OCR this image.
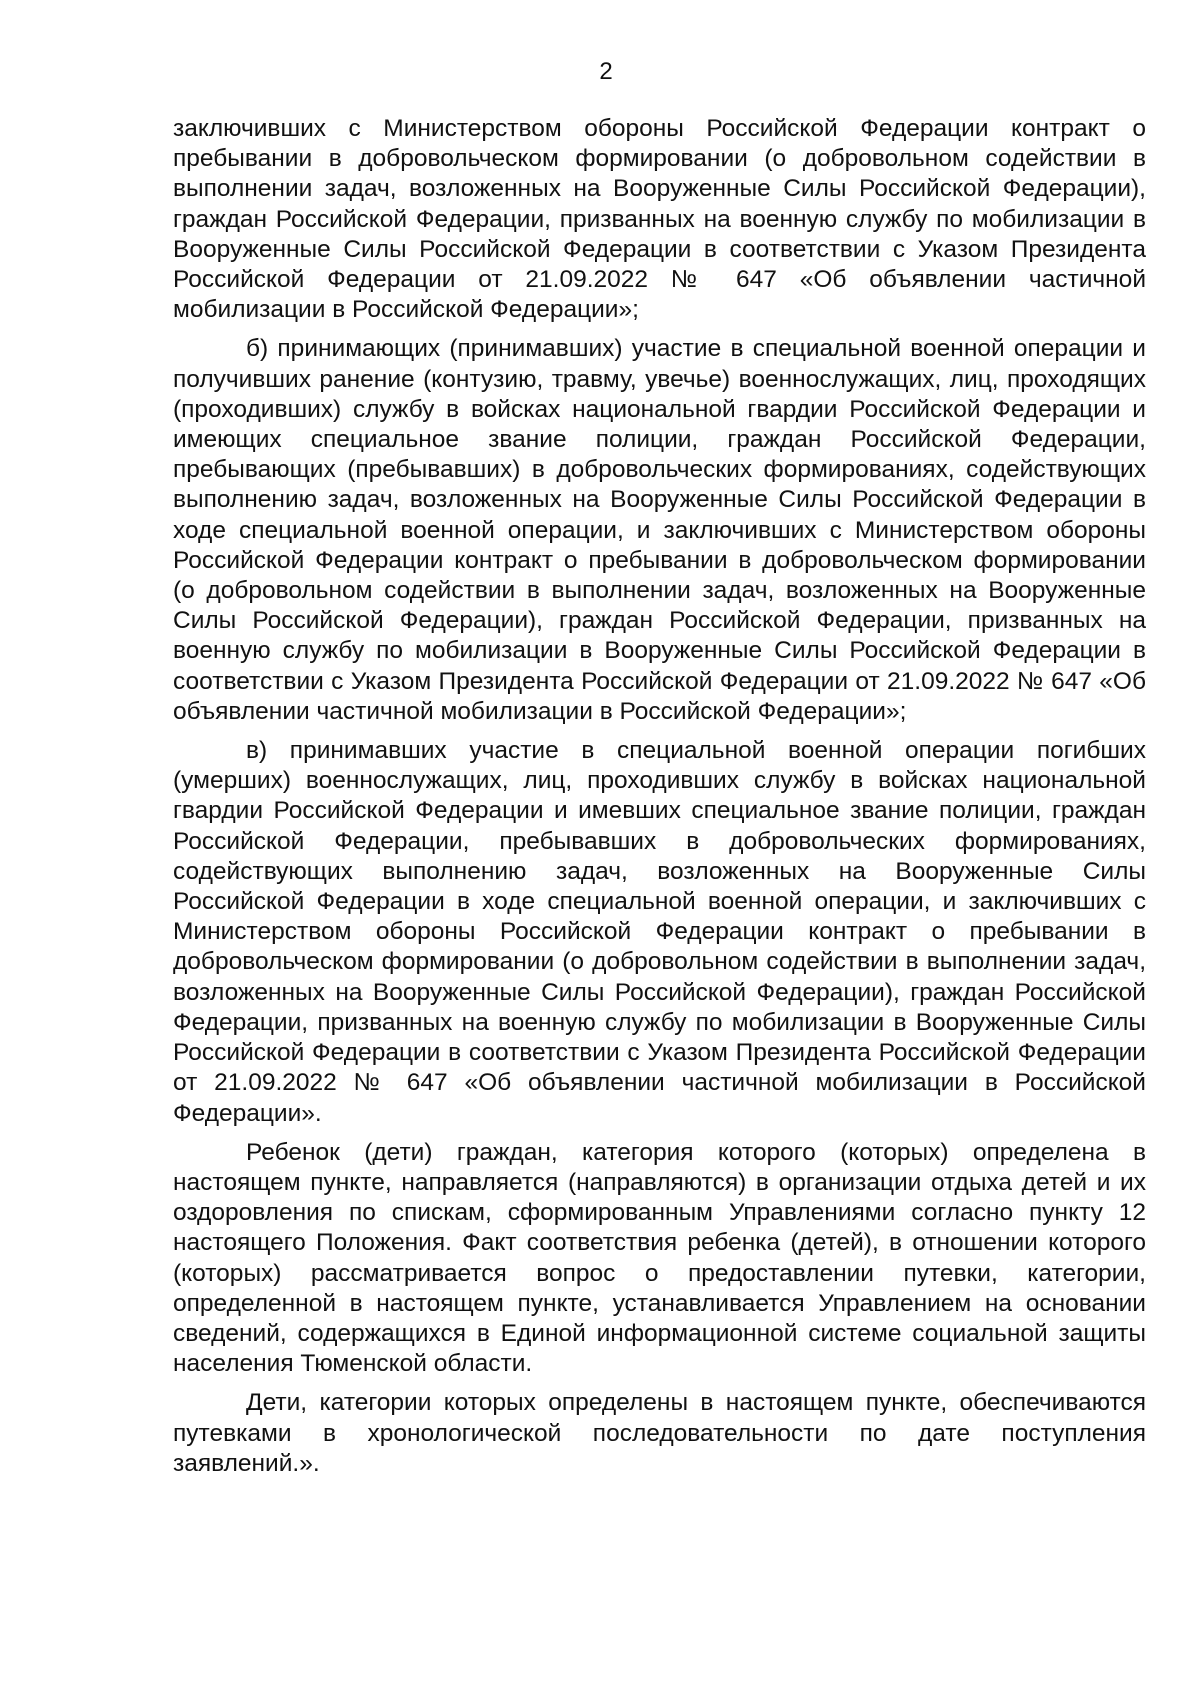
2

заключивших с Министерством обороны Российской Федерации контракт о пребывании в добровольческом формировании (о добровольном содействии в выполнении задач, возложенных на Вооруженные Силы Российской Федерации), граждан Российской Федерации, призванных на военную службу по мобилизации в Вооруженные Силы Российской Федерации в соответствии с Указом Президента Российской Федерации от 21.09.2022 № 647 «Об объявлении частичной мобилизации в Российской Федерации»;

б) принимающих (принимавших) участие в специальной военной операции и получивших ранение (контузию, травму, увечье) военнослужащих, лиц, проходящих (проходивших) службу в войсках национальной гвардии Российской Федерации и имеющих специальное звание полиции, граждан Российской Федерации, пребывающих (пребывавших) в добровольческих формированиях, содействующих выполнению задач, возложенных на Вооруженные Силы Российской Федерации в ходе специальной военной операции, и заключивших с Министерством обороны Российской Федерации контракт о пребывании в добровольческом формировании (о добровольном содействии в выполнении задач, возложенных на Вооруженные Силы Российской Федерации), граждан Российской Федерации, призванных на военную службу по мобилизации в Вооруженные Силы Российской Федерации в соответствии с Указом Президента Российской Федерации от 21.09.2022 № 647 «Об объявлении частичной мобилизации в Российской Федерации»;

в) принимавших участие в специальной военной операции погибших (умерших) военнослужащих, лиц, проходивших службу в войсках национальной гвардии Российской Федерации и имевших специальное звание полиции, граждан Российской Федерации, пребывавших в добровольческих формированиях, содействующих выполнению задач, возложенных на Вооруженные Силы Российской Федерации в ходе специальной военной операции, и заключивших с Министерством обороны Российской Федерации контракт о пребывании в добровольческом формировании (о добровольном содействии в выполнении задач, возложенных на Вооруженные Силы Российской Федерации), граждан Российской Федерации, призванных на военную службу по мобилизации в Вооруженные Силы Российской Федерации в соответствии с Указом Президента Российской Федерации от 21.09.2022 № 647 «Об объявлении частичной мобилизации в Российской Федерации».

Ребенок (дети) граждан, категория которого (которых) определена в настоящем пункте, направляется (направляются) в организации отдыха детей и их оздоровления по спискам, сформированным Управлениями согласно пункту 12 настоящего Положения. Факт соответствия ребенка (детей), в отношении которого (которых) рассматривается вопрос о предоставлении путевки, категории, определенной в настоящем пункте, устанавливается Управлением на основании сведений, содержащихся в Единой информационной системе социальной защиты населения Тюменской области.

Дети, категории которых определены в настоящем пункте, обеспечиваются путевками в хронологической последовательности по дате поступления заявлений.».
